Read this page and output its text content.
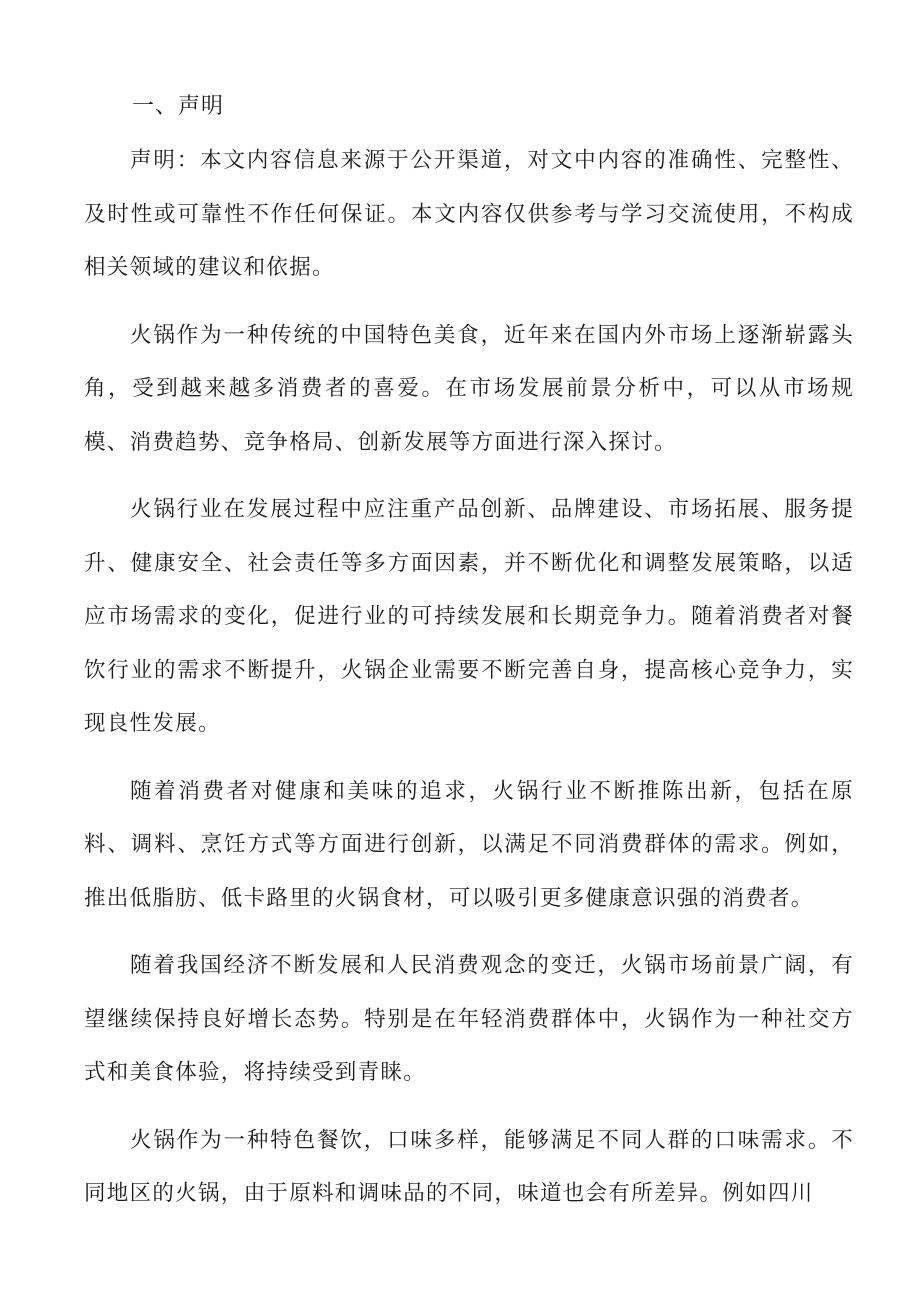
一、声明

声明：本文内容信息来源于公开渠道，对文中内容的准确性、完整性、及时性或可靠性不作任何保证。本文内容仅供参考与学习交流使用，不构成相关领域的建议和依据。

火锅作为一种传统的中国特色美食，近年来在国内外市场上逐渐崭露头角，受到越来越多消费者的喜爱。在市场发展前景分析中，可以从市场规模、消费趋势、竞争格局、创新发展等方面进行深入探讨。

火锅行业在发展过程中应注重产品创新、品牌建设、市场拓展、服务提升、健康安全、社会责任等多方面因素，并不断优化和调整发展策略，以适应市场需求的变化，促进行业的可持续发展和长期竞争力。随着消费者对餐饮行业的需求不断提升，火锅企业需要不断完善自身，提高核心竞争力，实现良性发展。

随着消费者对健康和美味的追求，火锅行业不断推陈出新，包括在原料、调料、烹饪方式等方面进行创新，以满足不同消费群体的需求。例如，推出低脂肪、低卡路里的火锅食材，可以吸引更多健康意识强的消费者。

随着我国经济不断发展和人民消费观念的变迁，火锅市场前景广阔，有望继续保持良好增长态势。特别是在年轻消费群体中，火锅作为一种社交方式和美食体验，将持续受到青睐。

火锅作为一种特色餐饮，口味多样，能够满足不同人群的口味需求。不同地区的火锅，由于原料和调味品的不同，味道也会有所差异。例如四川
